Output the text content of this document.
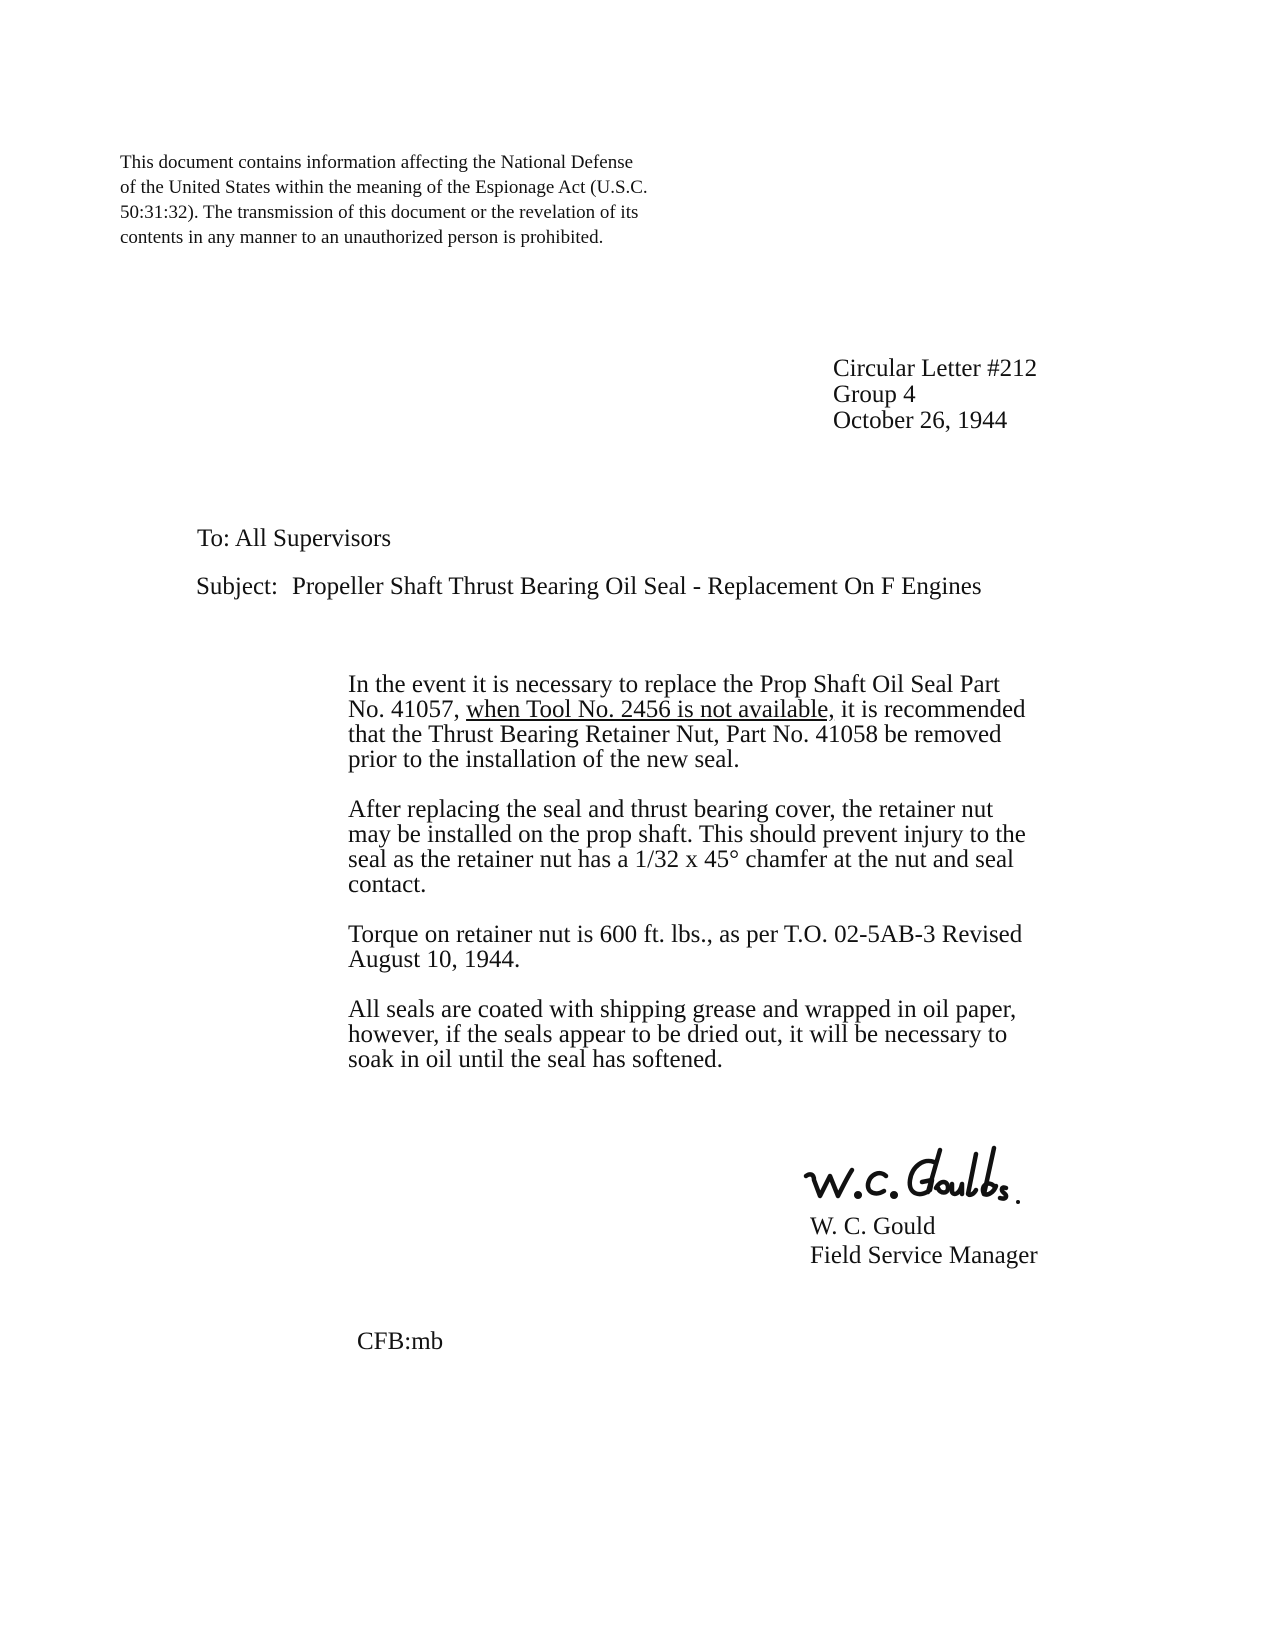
This document contains information affecting the National Defense of the United States within the meaning of the Espionage Act (U.S.C. 50:31:32). The transmission of this document or the revelation of its contents in any manner to an unauthorized person is prohibited.

Circular Letter #212
Group 4
October 26, 1944
To: All Supervisors
Subject: Propeller Shaft Thrust Bearing Oil Seal - Replacement On F Engines

In the event it is necessary to replace the Prop Shaft Oil Seal Part No. 41057, when Tool No. 2456 is not available, it is recommended that the Thrust Bearing Retainer Nut, Part No. 41058 be removed prior to the installation of the new seal.

After replacing the seal and thrust bearing cover, the retainer nut may be installed on the prop shaft. This should prevent injury to the seal as the retainer nut has a 1/32 x 45° chamfer at the nut and seal contact.

Torque on retainer nut is 600 ft. lbs., as per T.O. 02-5AB-3 Revised August 10, 1944.

All seals are coated with shipping grease and wrapped in oil paper, however, if the seals appear to be dried out, it will be necessary to soak in oil until the seal has softened.

W. C. Gould
Field Service Manager
CFB:mb
